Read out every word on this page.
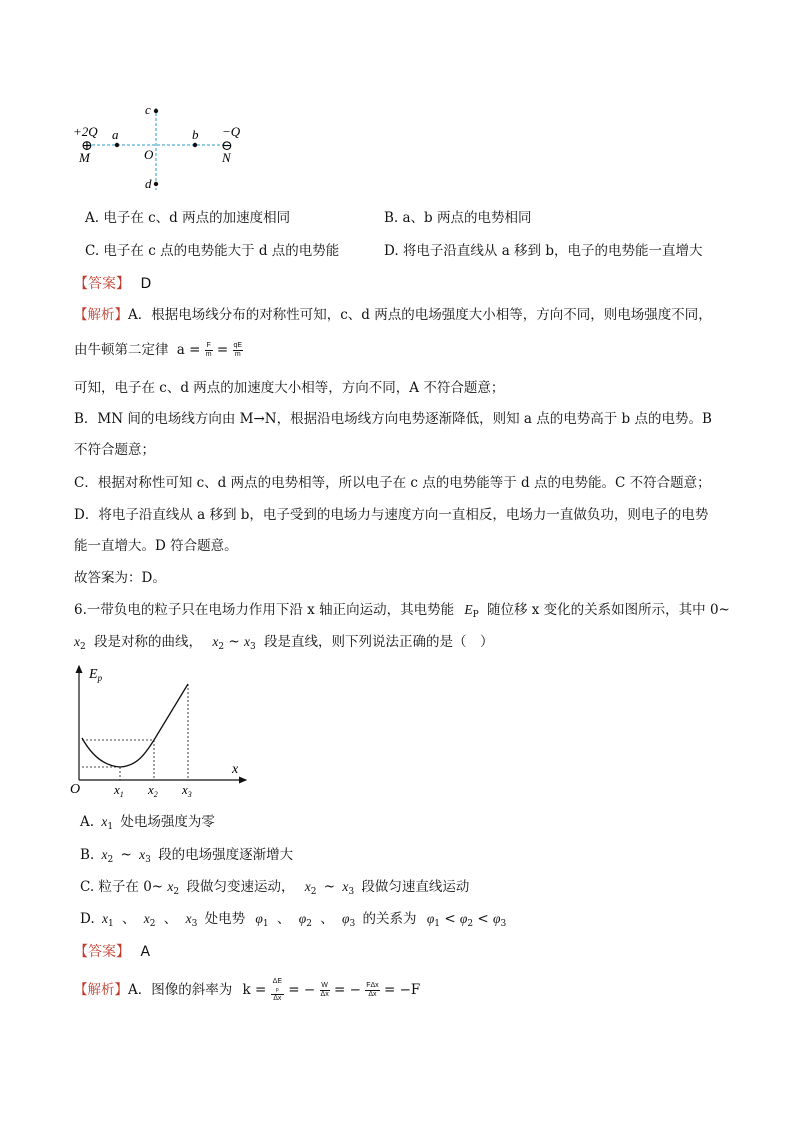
⊕	⊖
+2Q	−Q
M	N
a	b
c
d
O
A. 电子在 c、d 两点的加速度相同	B. a、b 两点的电势相同
C. 电子在 c 点的电势能大于 d 点的电势能	D. 将电子沿直线从 a 移到 b，电子的电势能一直增大
【答案】 D
【解析】A．根据电场线分布的对称性可知，c、d 两点的电场强度大小相等，方向不同，则电场强度不同，
由牛顿第二定律 $a = \frac{F}{m} = \frac{qE}{m}$
可知，电子在 c、d 两点的加速度大小相等，方向不同，A 不符合题意；
B．MN 间的电场线方向由 M→N，根据沿电场线方向电势逐渐降低，则知 a 点的电势高于 b 点的电势。B
不符合题意；
C．根据对称性可知 c、d 两点的电势相等，所以电子在 c 点的电势能等于 d 点的电势能。C 不符合题意；
D．将电子沿直线从 a 移到 b，电子受到的电场力与速度方向一直相反，电场力一直做负功，则电子的电势
能一直增大。D 符合题意。
故答案为：D。
6.一带负电的粒子只在电场力作用下沿 x 轴正向运动，其电势能 $E_P$ 随位移 x 变化的关系如图所示，其中 0~
$x_2$ 段是对称的曲线， $x_2$ ~ $x_3$ 段是直线，则下列说法正确的是（　）
$E_p$
x
O	$x_1$ $x_2$ $x_3$
A. $x_1$ 处电场强度为零
B. $x_2$ ~ $x_3$ 段的电场强度逐渐增大
C. 粒子在 0~ $x_2$ 段做匀变速运动， $x_2$ ~ $x_3$ 段做匀速直线运动
D. $x_1$ 、 $x_2$ 、 $x_3$ 处电势 $\varphi_1$ 、 $\varphi_2$ 、 $\varphi_3$ 的关系为 $\varphi_1 < \varphi_2 < \varphi_3$
【答案】 A
【解析】A．图像的斜率为 k = ΔE
p
Δx = − $\frac{W}{\Delta x}$ = − $\frac{\text{FΔx}}{\Delta x} = -F$
